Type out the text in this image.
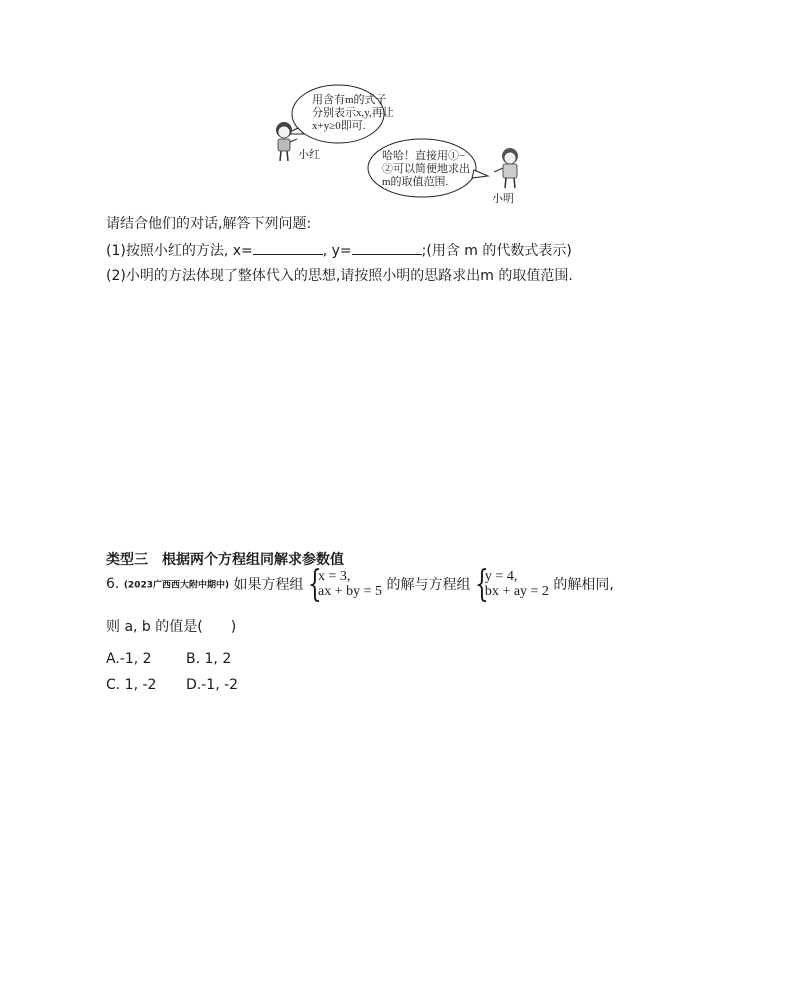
用含有m的式子
分别表示x,y,再让
x+y≥0即可.
小红	哈哈！直接用①−
②可以简便地求出
m的取值范围.
小明
请结合他们的对话,解答下列问题:
(1)按照小红的方法, x=	, y=	;(用含 m 的代数式表示)
(2)小明的方法体现了整体代入的思想,请按照小明的思路求出m 的取值范围.
类型三　根据两个方程组同解求参数值
6. (2023广西西大附中期中) 如果方程组 {
x = 3,
ax + by = 5 的解与方程组 {
y = 4,
bx + ay = 2 的解相同,
则 a, b 的值是(　　)
A.-1, 2 B. 1, 2
C. 1, -2 D.-1, -2
